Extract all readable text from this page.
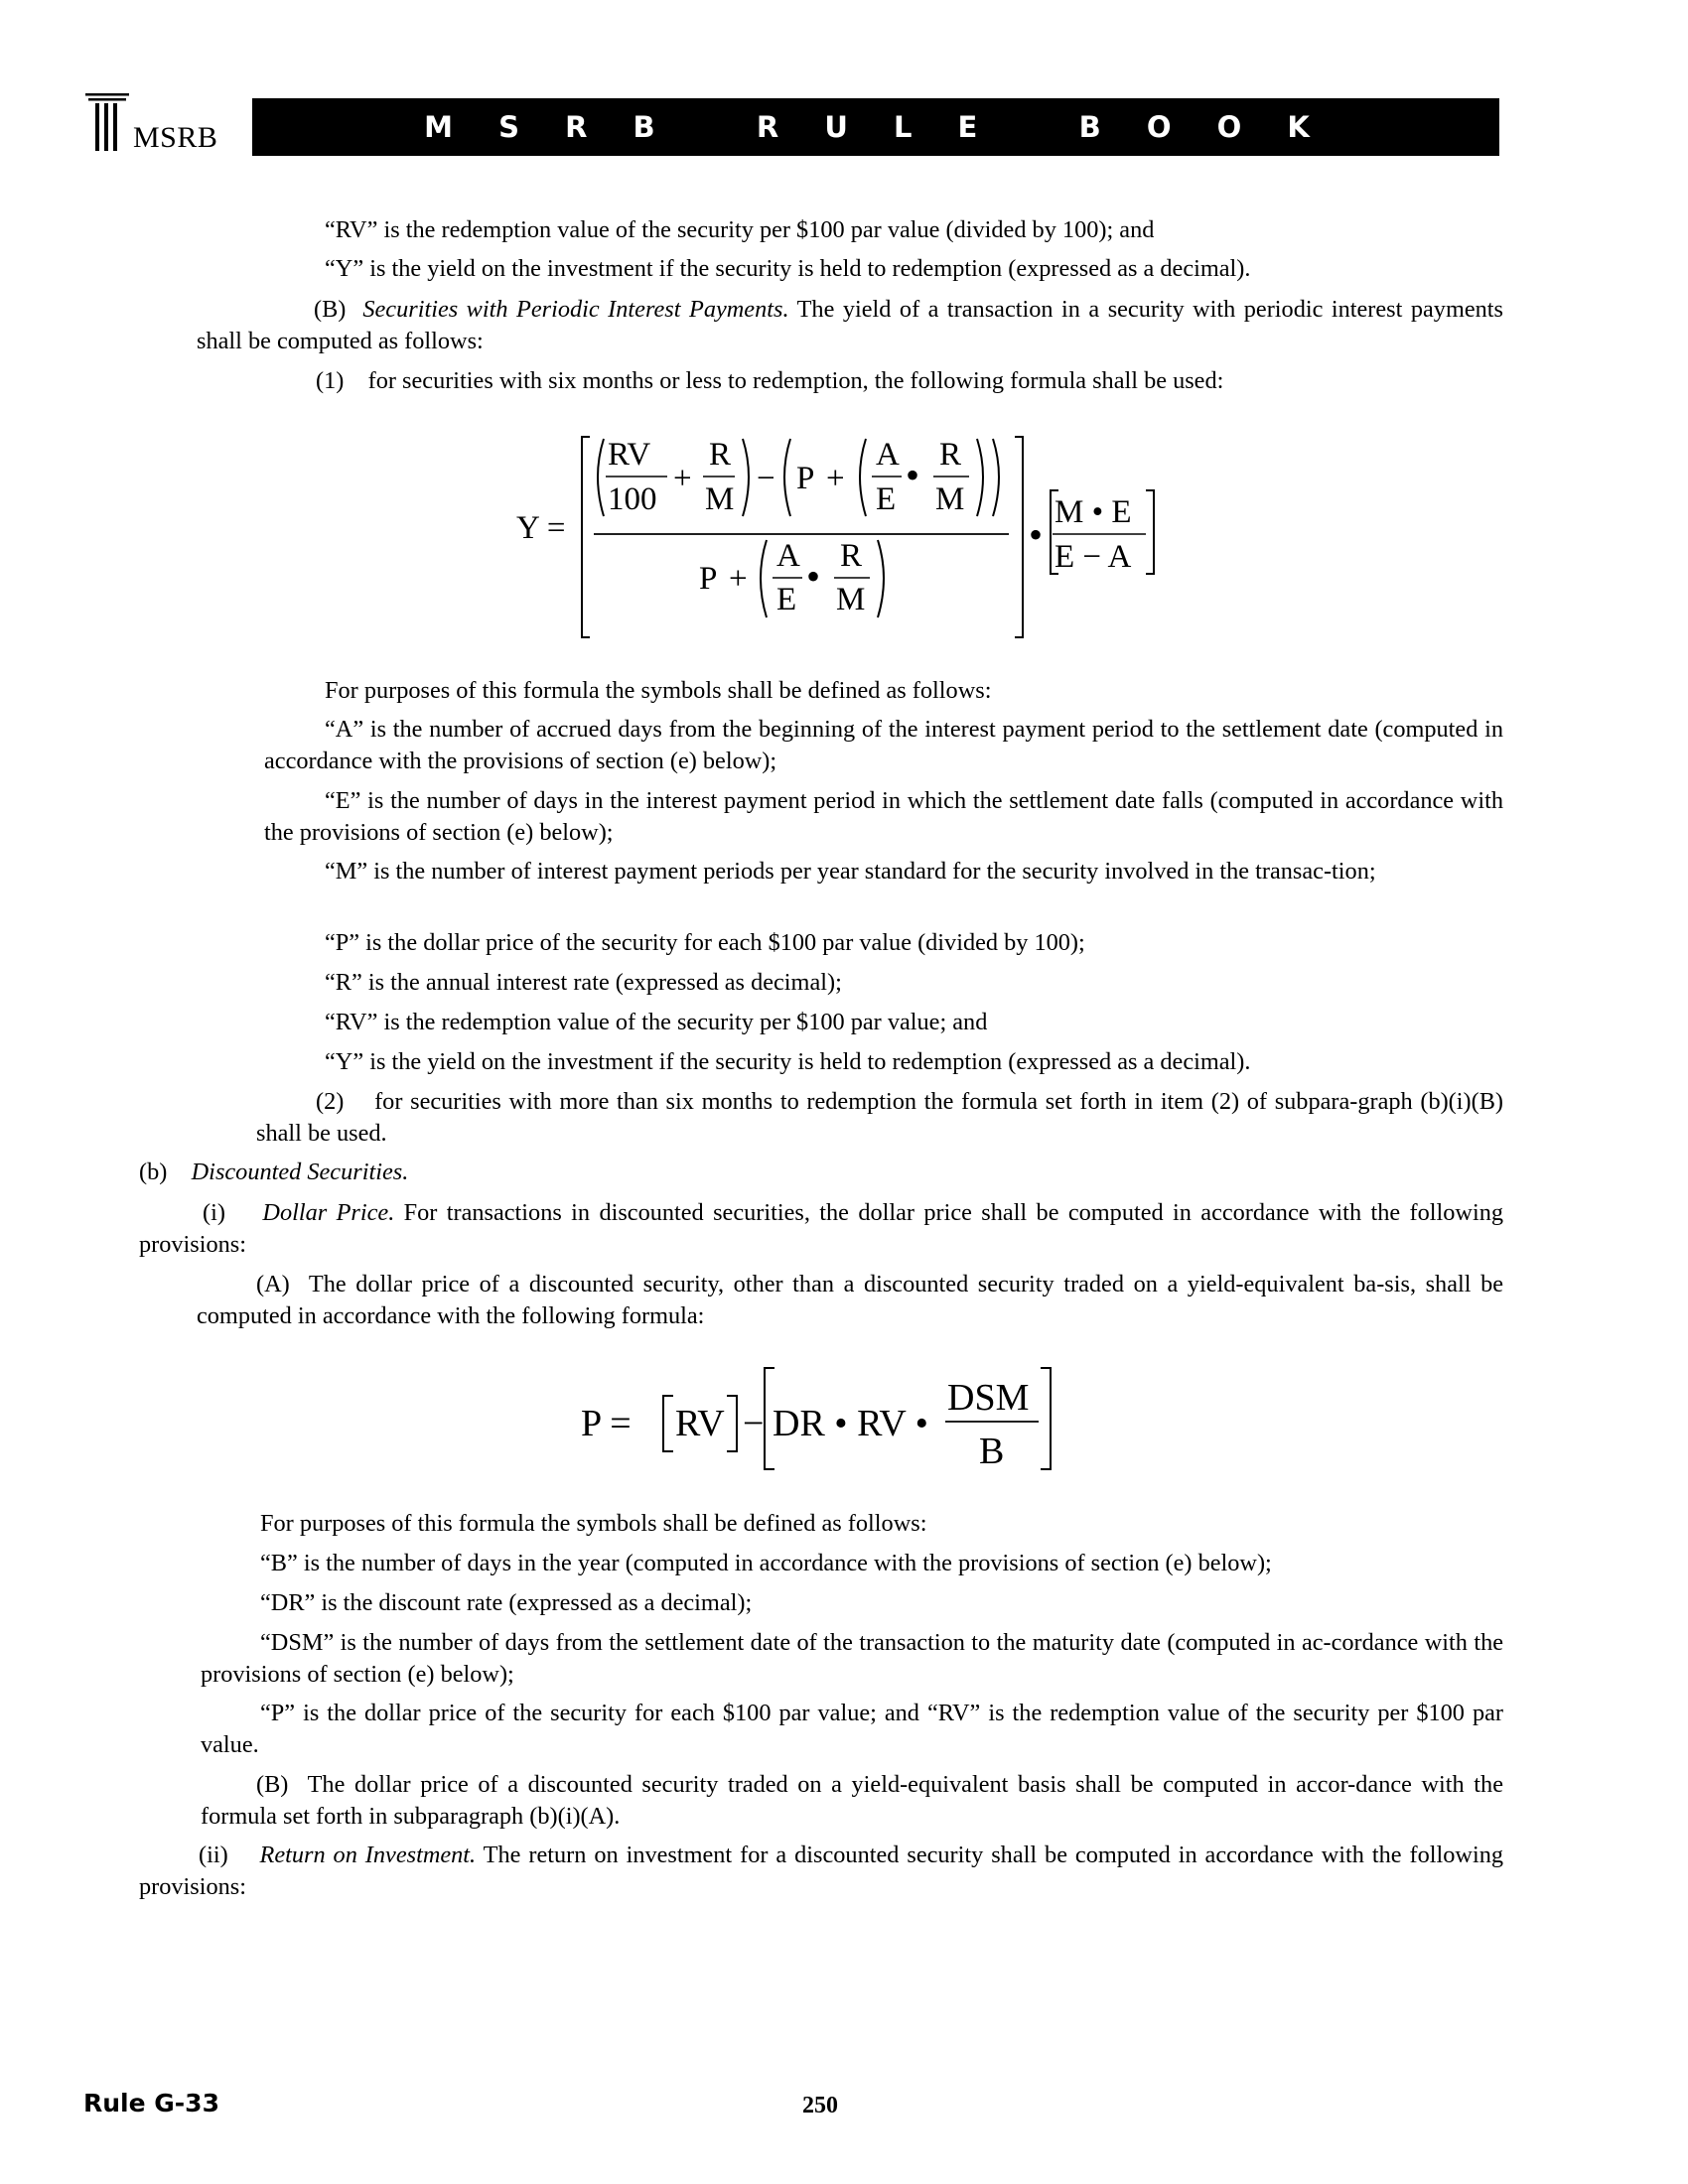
MSRB	M S R B   R U L E   B O O K
“RV” is the redemption value of the security per $100 par value (divided by 100); and
“Y” is the yield on the investment if the security is held to redemption (expressed as a decimal).
(B) Securities with Periodic Interest Payments. The yield of a transaction in a security with periodic interest payments shall be computed as follows:
(1) for securities with six months or less to redemption, the following formula shall be used:
Y =
RV
100
+
R
M
− P +
A
E
• R
M
P +
A
E
• R
M
• M • E
E − A
For purposes of this formula the symbols shall be defined as follows:
“A” is the number of accrued days from the beginning of the interest payment period to the settlement date (computed in accordance with the provisions of section (e) below);
“E” is the number of days in the interest payment period in which the settlement date falls (computed in accordance with the provisions of section (e) below);
“M” is the number of interest payment periods per year standard for the security involved in the transac-tion;
“P” is the dollar price of the security for each $100 par value (divided by 100);
“R” is the annual interest rate (expressed as decimal);
“RV” is the redemption value of the security per $100 par value; and
“Y” is the yield on the investment if the security is held to redemption (expressed as a decimal).
(2) for securities with more than six months to redemption the formula set forth in item (2) of subpara-graph (b)(i)(B) shall be used.
(b) Discounted Securities.
(i) Dollar Price. For transactions in discounted securities, the dollar price shall be computed in accordance with the following provisions:
(A) The dollar price of a discounted security, other than a discounted security traded on a yield-equivalent ba-sis, shall be computed in accordance with the following formula:
P = RV − DR • RV •
DSM
B
For purposes of this formula the symbols shall be defined as follows:
“B” is the number of days in the year (computed in accordance with the provisions of section (e) below);
“DR” is the discount rate (expressed as a decimal);
“DSM” is the number of days from the settlement date of the transaction to the maturity date (computed in ac-cordance with the provisions of section (e) below);
“P” is the dollar price of the security for each $100 par value; and “RV” is the redemption value of the security per $100 par value.
(B) The dollar price of a discounted security traded on a yield-equivalent basis shall be computed in accor-dance with the formula set forth in subparagraph (b)(i)(A).
(ii) Return on Investment. The return on investment for a discounted security shall be computed in accordance with the following provisions:
Rule G-33	250
